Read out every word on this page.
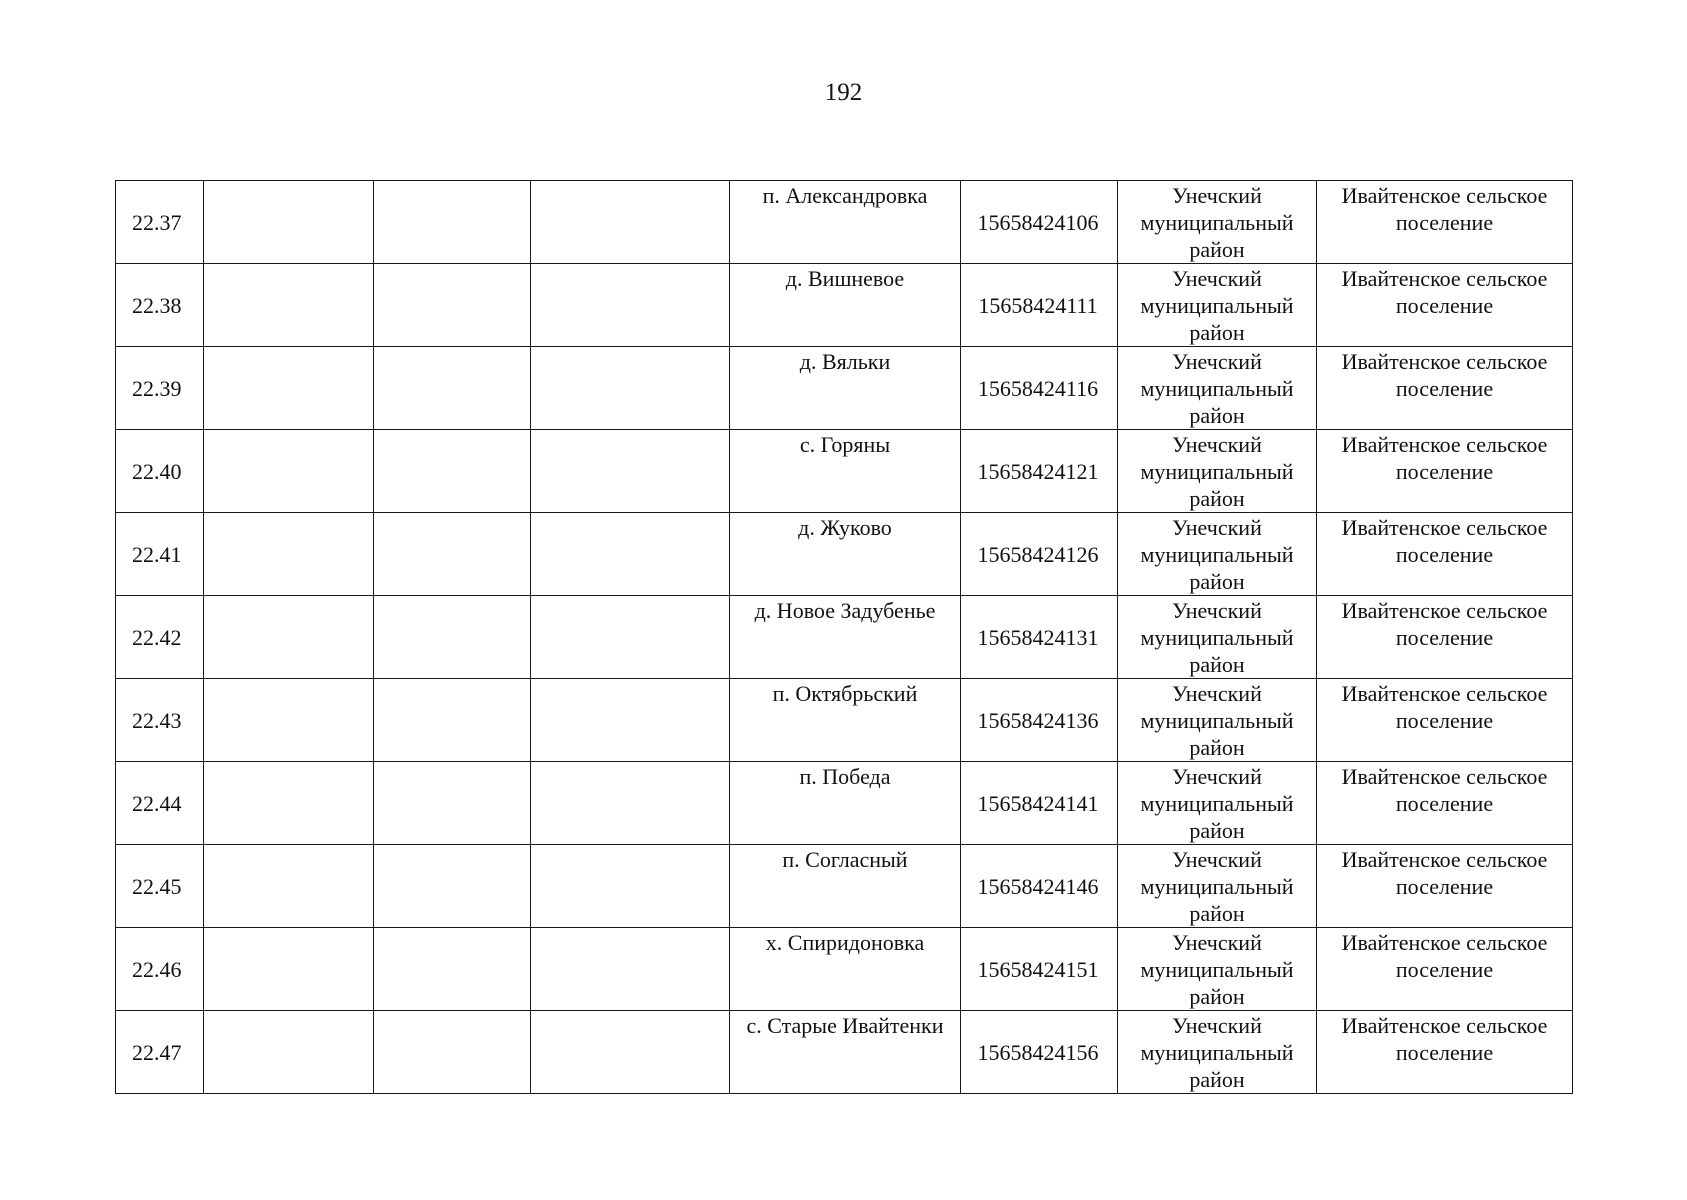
192
22.37				п. Александровка	15658424106	Унечский муниципальный район	Ивайтенское сельское поселение
22.38				д. Вишневое	15658424111	Унечский муниципальный район	Ивайтенское сельское поселение
22.39				д. Вяльки	15658424116	Унечский муниципальный район	Ивайтенское сельское поселение
22.40				с. Горяны	15658424121	Унечский муниципальный район	Ивайтенское сельское поселение
22.41				д. Жуково	15658424126	Унечский муниципальный район	Ивайтенское сельское поселение
22.42				д. Новое Задубенье	15658424131	Унечский муниципальный район	Ивайтенское сельское поселение
22.43				п. Октябрьский	15658424136	Унечский муниципальный район	Ивайтенское сельское поселение
22.44				п. Победа	15658424141	Унечский муниципальный район	Ивайтенское сельское поселение
22.45				п. Согласный	15658424146	Унечский муниципальный район	Ивайтенское сельское поселение
22.46				х. Спиридоновка	15658424151	Унечский муниципальный район	Ивайтенское сельское поселение
22.47				с. Старые Ивайтенки	15658424156	Унечский муниципальный район	Ивайтенское сельское поселение
